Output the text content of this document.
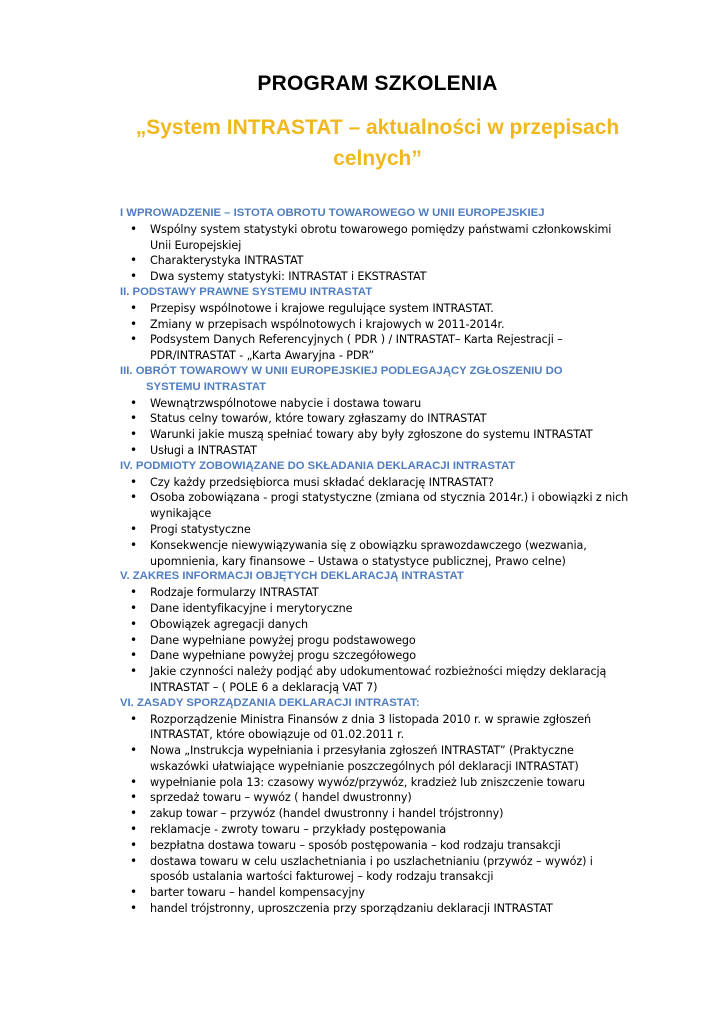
PROGRAM SZKOLENIA
„System INTRASTAT – aktualności w przepisach celnych”
I WPROWADZENIE – ISTOTA OBROTU TOWAROWEGO W UNII EUROPEJSKIEJ
• Wspólny system statystyki obrotu towarowego pomiędzy państwami członkowskimi Unii Europejskiej
• Charakterystyka INTRASTAT
• Dwa systemy statystyki: INTRASTAT i EKSTRASTAT
II. PODSTAWY PRAWNE SYSTEMU INTRASTAT
• Przepisy wspólnotowe i krajowe regulujące system INTRASTAT.
• Zmiany w przepisach wspólnotowych i krajowych w 2011-2014r.
• Podsystem Danych Referencyjnych ( PDR ) / INTRASTAT– Karta Rejestracji – PDR/INTRASTAT - „Karta Awaryjna - PDR”
III. OBRÓT TOWAROWY W UNII EUROPEJSKIEJ PODLEGAJĄCY ZGŁOSZENIU DO
SYSTEMU INTRASTAT
• Wewnątrzwspólnotowe nabycie i dostawa towaru
• Status celny towarów, które towary zgłaszamy do INTRASTAT
• Warunki jakie muszą spełniać towary aby były zgłoszone do systemu INTRASTAT
• Usługi a INTRASTAT
IV. PODMIOTY ZOBOWIĄZANE DO SKŁADANIA DEKLARACJI INTRASTAT
• Czy każdy przedsiębiorca musi składać deklarację INTRASTAT?
• Osoba zobowiązana - progi statystyczne (zmiana od stycznia 2014r.) i obowiązki z nich wynikające
• Progi statystyczne
• Konsekwencje niewywiązywania się z obowiązku sprawozdawczego (wezwania, upomnienia, kary finansowe – Ustawa o statystyce publicznej, Prawo celne)
V. ZAKRES INFORMACJI OBJĘTYCH DEKLARACJĄ INTRASTAT
• Rodzaje formularzy INTRASTAT
• Dane identyfikacyjne i merytoryczne
• Obowiązek agregacji danych
• Dane wypełniane powyżej progu podstawowego
• Dane wypełniane powyżej progu szczegółowego
• Jakie czynności należy podjąć aby udokumentować rozbieżności między deklaracją INTRASTAT – ( POLE 6 a deklaracją VAT 7)
VI. ZASADY SPORZĄDZANIA DEKLARACJI INTRASTAT:
• Rozporządzenie Ministra Finansów z dnia 3 listopada 2010 r. w sprawie zgłoszeń INTRASTAT, które obowiązuje od 01.02.2011 r.
• Nowa „Instrukcja wypełniania i przesyłania zgłoszeń INTRASTAT” (Praktyczne wskazówki ułatwiające wypełnianie poszczególnych pól deklaracji INTRASTAT)
• wypełnianie pola 13: czasowy wywóz/przywóz, kradzież lub zniszczenie towaru
• sprzedaż towaru – wywóz ( handel dwustronny)
• zakup towar – przywóz (handel dwustronny i handel trójstronny)
• reklamacje - zwroty towaru – przykłady postępowania
• bezpłatna dostawa towaru – sposób postępowania – kod rodzaju transakcji
• dostawa towaru w celu uszlachetniania i po uszlachetnianiu (przywóz – wywóz) i sposób ustalania wartości fakturowej – kody rodzaju transakcji
• barter towaru – handel kompensacyjny
• handel trójstronny, uproszczenia przy sporządzaniu deklaracji INTRASTAT
